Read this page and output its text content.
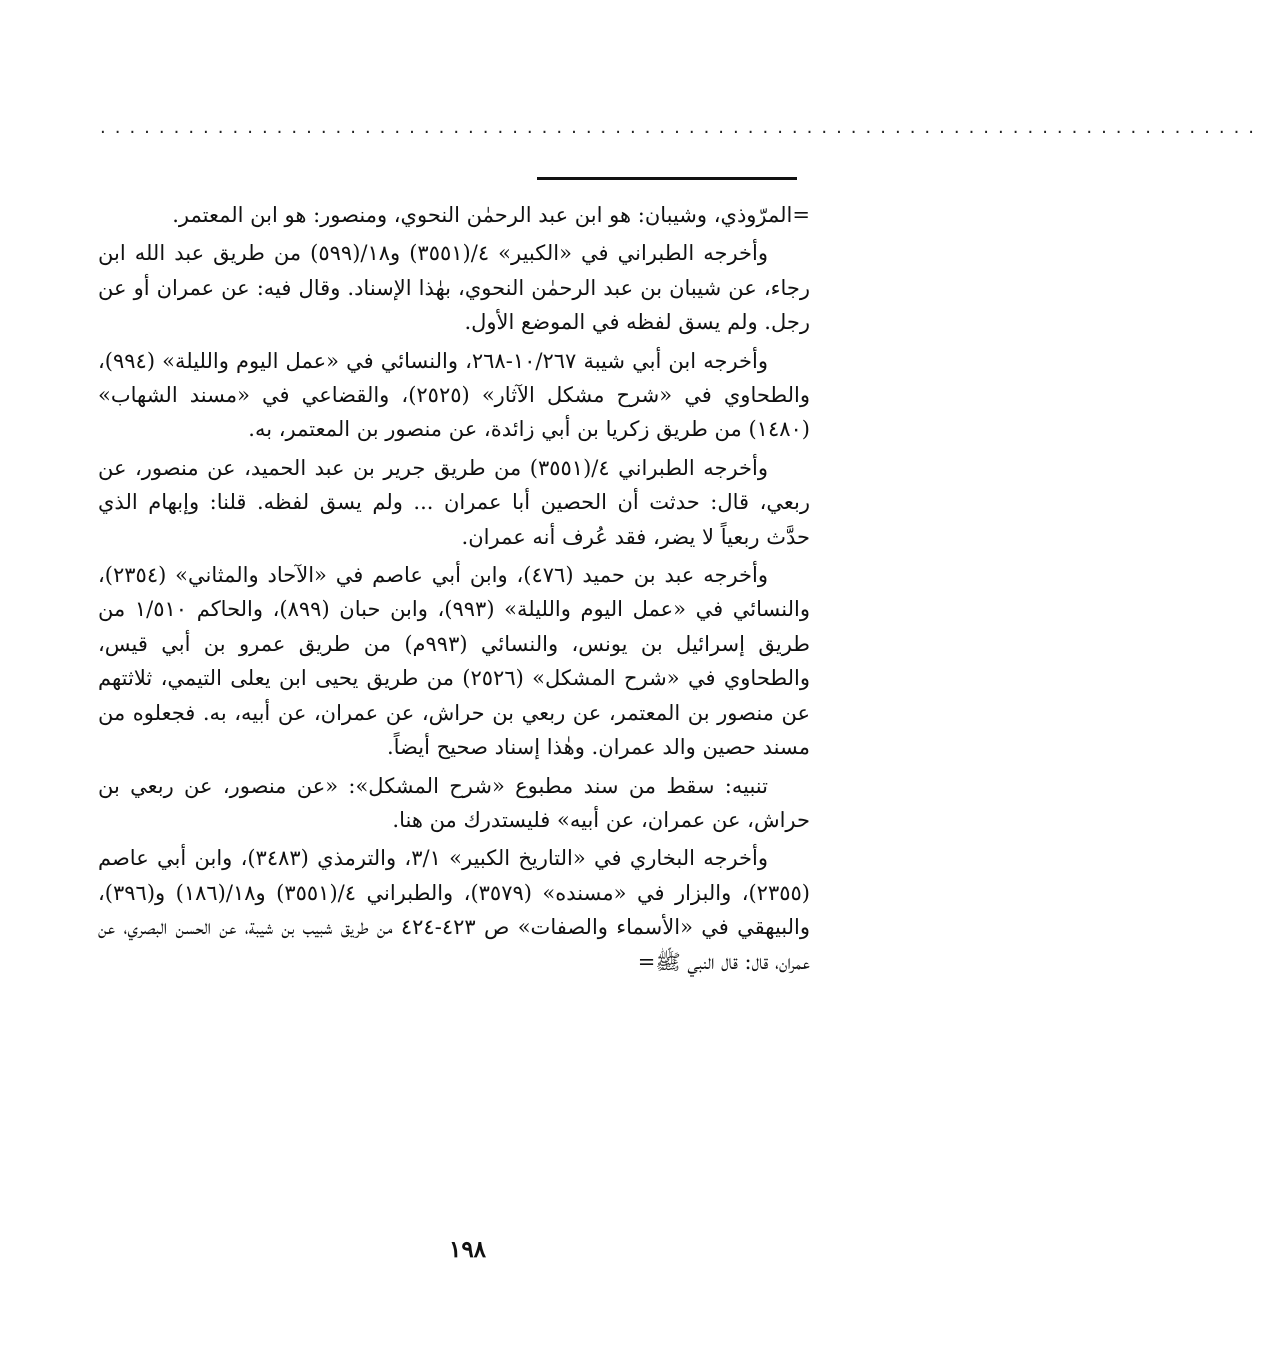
...............................................................................

=المرّوذي، وشيبان: هو ابن عبد الرحمٰن النحوي، ومنصور: هو ابن المعتمر.

وأخرجه الطبراني في «الكبير» ٤/(٣٥٥١) و١٨/(٥٩٩) من طريق عبد الله ابن رجاء، عن شيبان بن عبد الرحمٰن النحوي، بهٰذا الإسناد. وقال فيه: عن عمران أو عن رجل. ولم يسق لفظه في الموضع الأول.

وأخرجه ابن أبي شيبة ١٠/٢٦٧-٢٦٨، والنسائي في «عمل اليوم والليلة» (٩٩٤)، والطحاوي في «شرح مشكل الآثار» (٢٥٢٥)، والقضاعي في «مسند الشهاب» (١٤٨٠) من طريق زكريا بن أبي زائدة، عن منصور بن المعتمر، به.

وأخرجه الطبراني ٤/(٣٥٥١) من طريق جرير بن عبد الحميد، عن منصور، عن ربعي، قال: حدثت أن الحصين أبا عمران ... ولم يسق لفظه. قلنا: وإبهام الذي حدَّث ربعياً لا يضر، فقد عُرف أنه عمران.

وأخرجه عبد بن حميد (٤٧٦)، وابن أبي عاصم في «الآحاد والمثاني» (٢٣٥٤)، والنسائي في «عمل اليوم والليلة» (٩٩٣)، وابن حبان (٨٩٩)، والحاكم ١/٥١٠ من طريق إسرائيل بن يونس، والنسائي (٩٩٣م) من طريق عمرو بن أبي قيس، والطحاوي في «شرح المشكل» (٢٥٢٦) من طريق يحيى ابن يعلى التيمي، ثلاثتهم عن منصور بن المعتمر، عن ربعي بن حراش، عن عمران، عن أبيه، به. فجعلوه من مسند حصين والد عمران. وهٰذا إسناد صحيح أيضاً.

تنبيه: سقط من سند مطبوع «شرح المشكل»: «عن منصور، عن ربعي بن حراش، عن عمران، عن أبيه» فليستدرك من هنا.

وأخرجه البخاري في «التاريخ الكبير» ٣/١، والترمذي (٣٤٨٣)، وابن أبي عاصم (٢٣٥٥)، والبزار في «مسنده» (٣٥٧٩)، والطبراني ٤/(٣٥٥١) و١٨/(١٨٦) و(٣٩٦)، والبيهقي في «الأسماء والصفات» ص ٤٢٣-٤٢٤ من طريق شبيب بن شيبة، عن الحسن البصري، عن عمران، قال: قال النبي ﷺ=

١٩٨
